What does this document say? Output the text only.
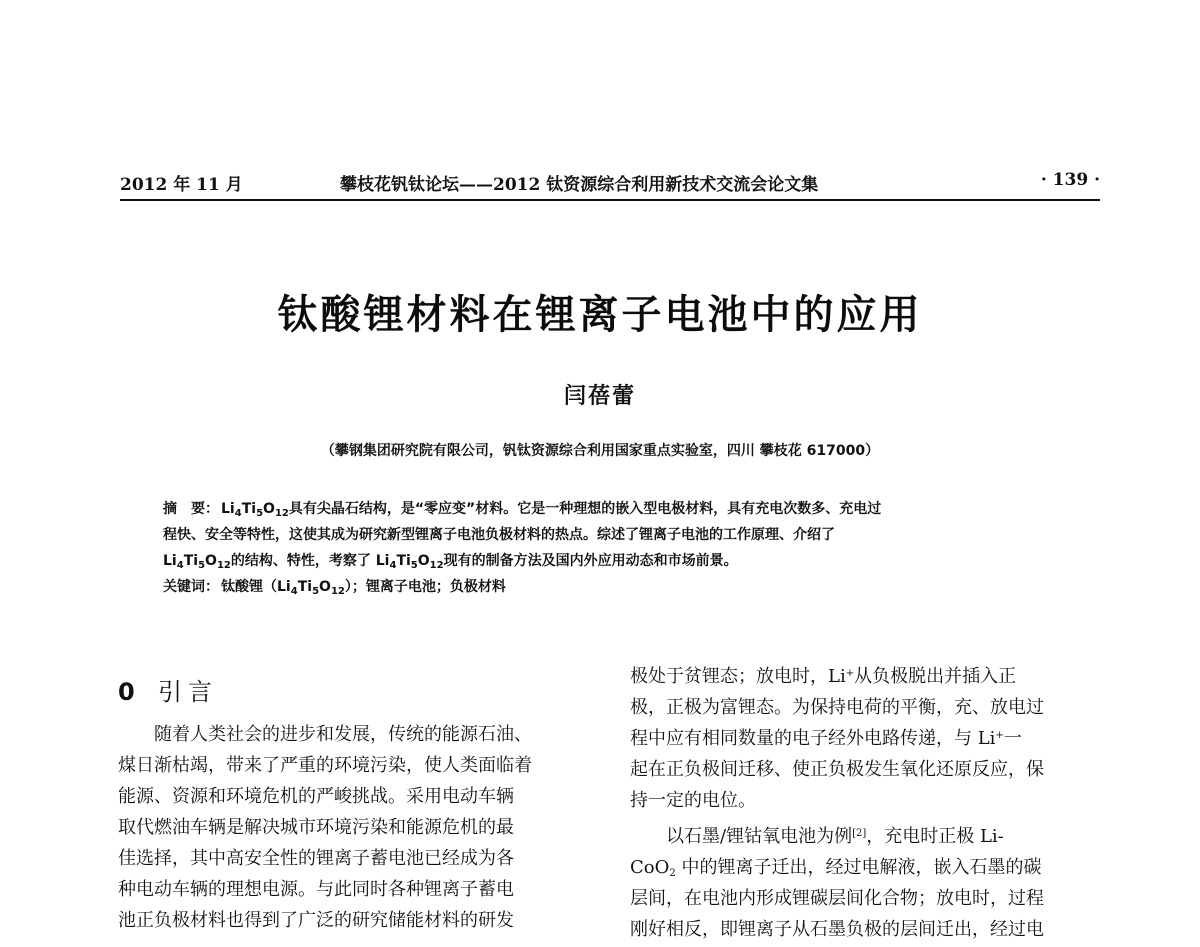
2012 年 11 月	攀枝花钒钛论坛——2012 钛资源综合利用新技术交流会论文集	· 139 ·
钛酸锂材料在锂离子电池中的应用
闫蓓蕾
（攀钢集团研究院有限公司，钒钛资源综合利用国家重点实验室，四川 攀枝花 617000）
摘　要： $Li_4Ti_5O_{12}$具有尖晶石结构，是“零应变”材料。它是一种理想的嵌入型电极材料，具有充电次数多、充电过
程快、安全等特性，这使其成为研究新型锂离子电池负极材料的热点。综述了锂离子电池的工作原理、介绍了
$Li_4Ti_5O_{12}$的结构、特性，考察了 $Li_4Ti_5O_{12}$现有的制备方法及国内外应用动态和市场前景。
关键词： 钛酸锂$(Li_4Ti_5O_{12})$；锂离子电池；负极材料
0 引言
　　随着人类社会的进步和发展，传统的能源石油、
煤日渐枯竭，带来了严重的环境污染，使人类面临着
能源、资源和环境危机的严峻挑战。采用电动车辆
取代燃油车辆是解决城市环境污染和能源危机的最
佳选择，其中高安全性的锂离子蓄电池已经成为各
种电动车辆的理想电源。与此同时各种锂离子蓄电
池正负极材料也得到了广泛的研究储能材料的研发
极处于贫锂态；放电时，Li+从负极脱出并插入正
极，正极为富锂态。为保持电荷的平衡，充、放电过
程中应有相同数量的电子经外电路传递，与 Li+一
起在正负极间迁移、使正负极发生氧化还原反应，保
持一定的电位。
　　以石墨/锂钴氧电池为例[2]，充电时正极 Li-
CoO$_2$ 中的锂离子迁出，经过电解液，嵌入石墨的碳
层间，在电池内形成锂碳层间化合物；放电时，过程
刚好相反，即锂离子从石墨负极的层间迁出，经过电
